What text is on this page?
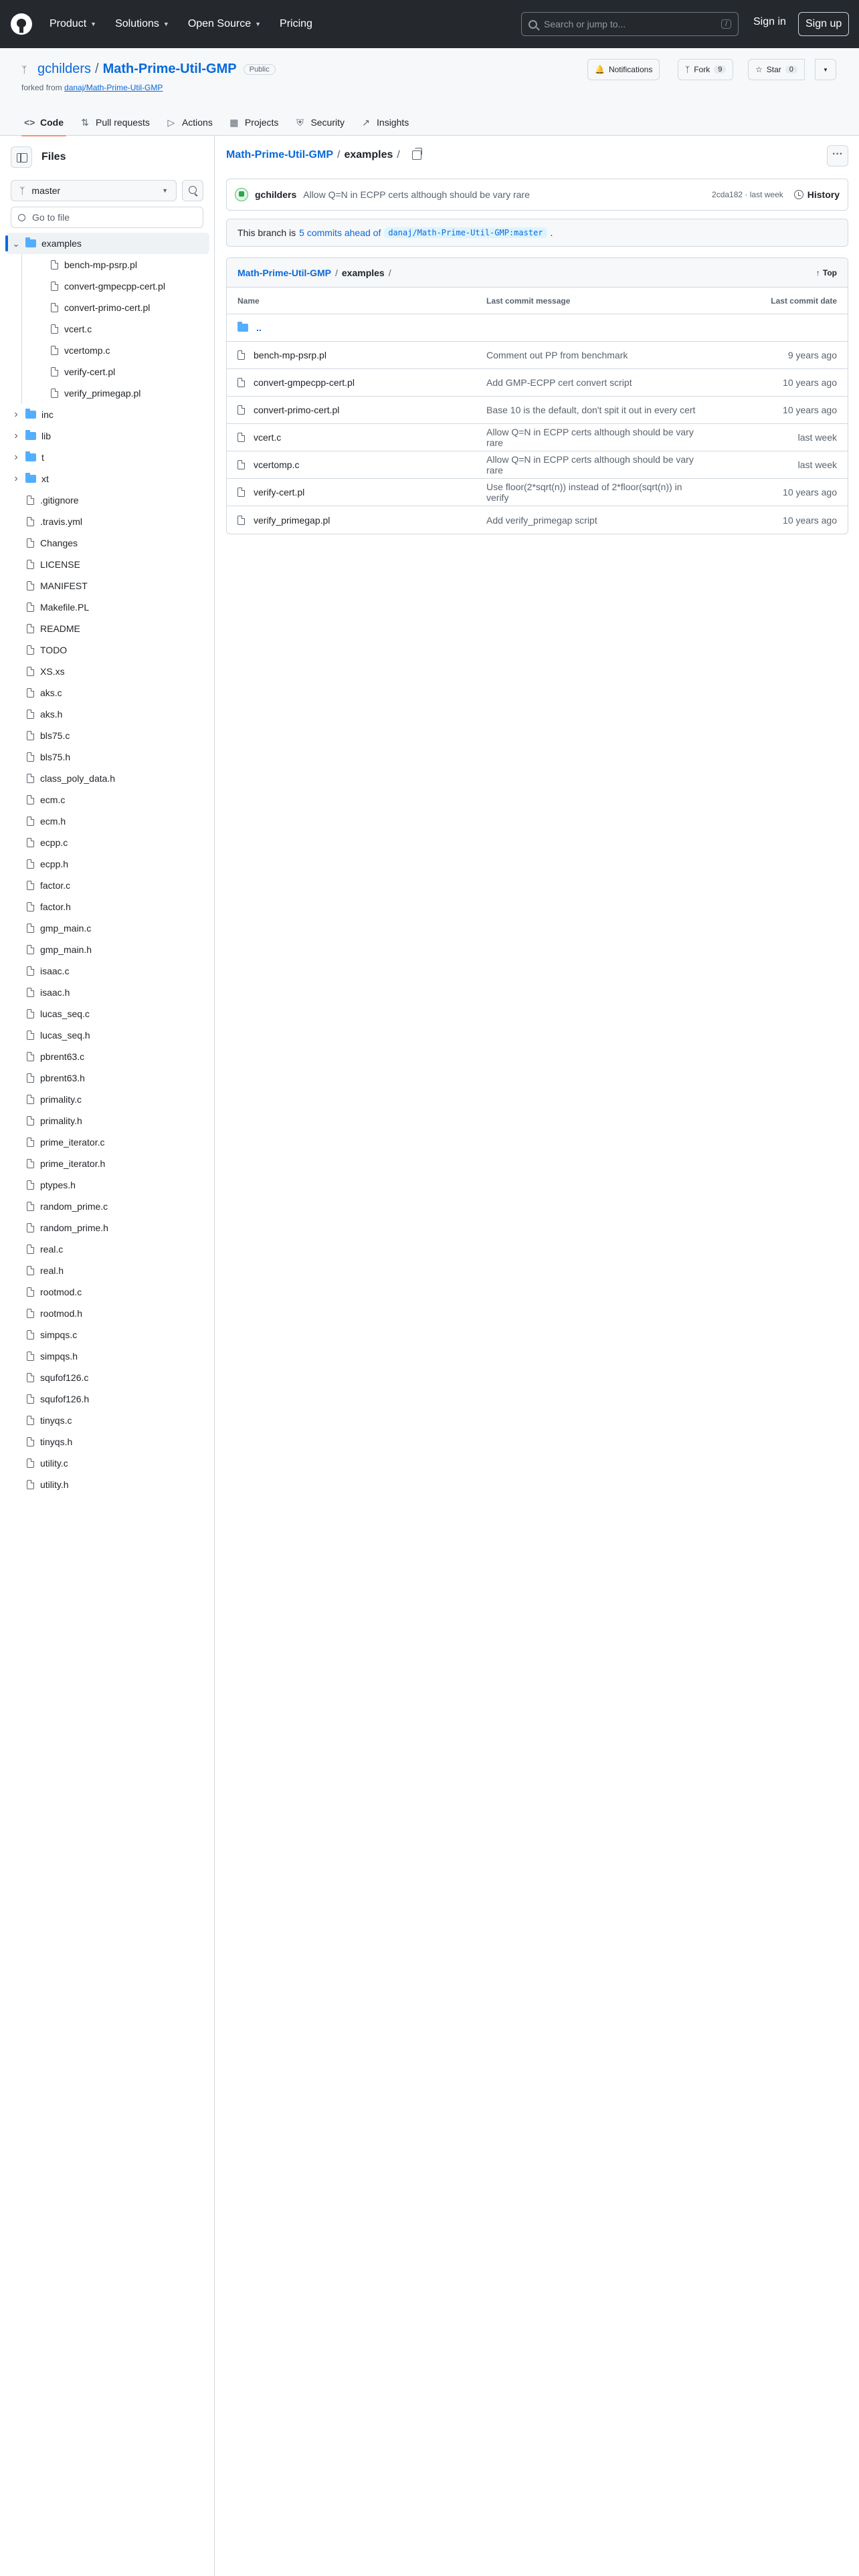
Product ▼ Solutions ▼ Open Source ▼ Pricing	Search or jump to...	/	Sign in	Sign up
ᛉ gchilders / Math-Prime-Util-GMP	Public
forked from danaj/Math-Prime-Util-GMP
🔔 Notifications	ᛉ Fork	9	☆ Star	0	▼
<> Code ⇅ Pull requests ▷ Actions ▦ Projects ⛨ Security ↗ Insights
Files
ᛉ master	▼
Go to file
⌄ examples
bench-mp-psrp.pl
convert-gmpecpp-cert.pl
convert-primo-cert.pl
vcert.c
vcertomp.c
verify-cert.pl
verify_primegap.pl
›	inc
›	lib
›	t
›	xt
.gitignore
.travis.yml
Changes
LICENSE
MANIFEST
Makefile.PL
README
TODO
XS.xs
aks.c
aks.h
bls75.c
bls75.h
class_poly_data.h
ecm.c
ecm.h
ecpp.c
ecpp.h
factor.c
factor.h
gmp_main.c
gmp_main.h
isaac.c
isaac.h
lucas_seq.c
lucas_seq.h
pbrent63.c
pbrent63.h
primality.c
primality.h
prime_iterator.c
prime_iterator.h
ptypes.h
random_prime.c
random_prime.h
real.c
real.h
rootmod.c
rootmod.h
simpqs.c
simpqs.h
squfof126.c
squfof126.h
tinyqs.c
tinyqs.h
utility.c
utility.h
Math-Prime-Util-GMP / examples /	···
gchilders Allow Q=N in ECPP certs although should be vary rare	2cda182 · last week	History
This branch is 5 commits ahead of danaj/Math-Prime-Util-GMP:master .
Math-Prime-Util-GMP / examples /	↑ Top
Name	Last commit message	Last commit date
..
bench-mp-psrp.pl	Comment out PP from benchmark	9 years ago
convert-gmpecpp-cert.pl	Add GMP-ECPP cert convert script	10 years ago
convert-primo-cert.pl	Base 10 is the default, don't spit it out in every cert	10 years ago
vcert.c	Allow Q=N in ECPP certs although should be vary rare	last week
vcertomp.c	Allow Q=N in ECPP certs although should be vary rare	last week
verify-cert.pl	Use floor(2*sqrt(n)) instead of 2*floor(sqrt(n)) in verify	10 years ago
verify_primegap.pl	Add verify_primegap script	10 years ago
